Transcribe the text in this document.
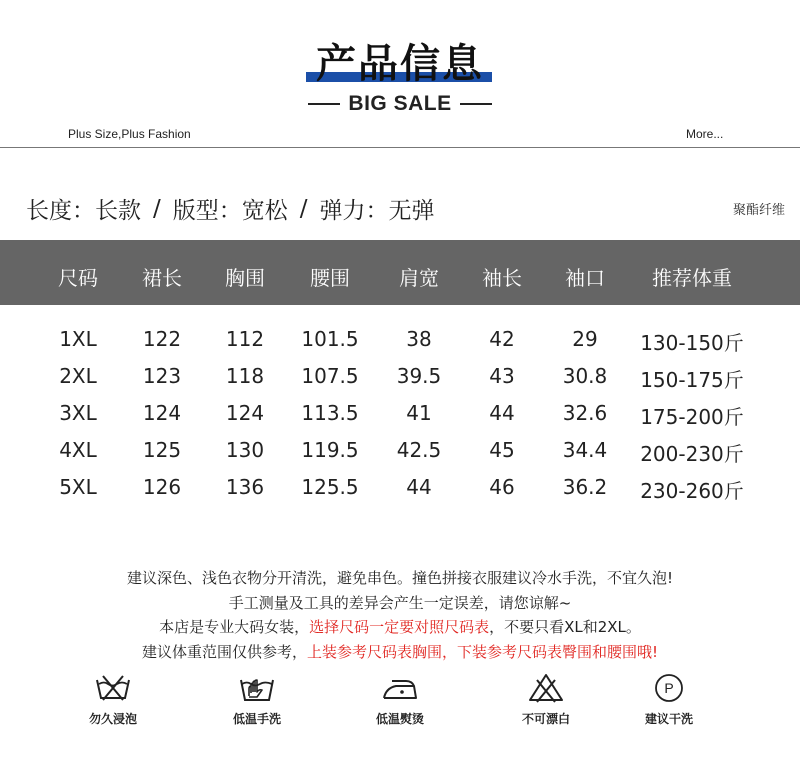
产品信息
BIG SALE
Plus Size,Plus Fashion	More...
长度：长款 / 版型：宽松 / 弹力：无弹	聚酯纤维
尺码 裙长 胸围 腰围 肩宽 袖长 袖口 推荐体重
1XL 122 112 101.5 38	42	29 130-150斤
2XL 123 118 107.5 39.5 43 30.8 150-175斤
3XL 124 124 113.5 41	44 32.6 175-200斤
4XL 125 130 119.5 42.5 45 34.4 200-230斤
5XL 126 136 125.5 44	46 36.2 230-260斤
建议深色、浅色衣物分开清洗，避免串色。撞色拼接衣服建议冷水手洗，不宜久泡!
手工测量及工具的差异会产生一定误差，请您谅解~
本店是专业大码女装，选择尺码一定要对照尺码表，不要只看XL和2XL。
建议体重范围仅供参考，上装参考尺码表胸围，下装参考尺码表臀围和腰围哦!
勿久浸泡	低温手洗	低温熨烫	不可漂白
P
建议干洗
